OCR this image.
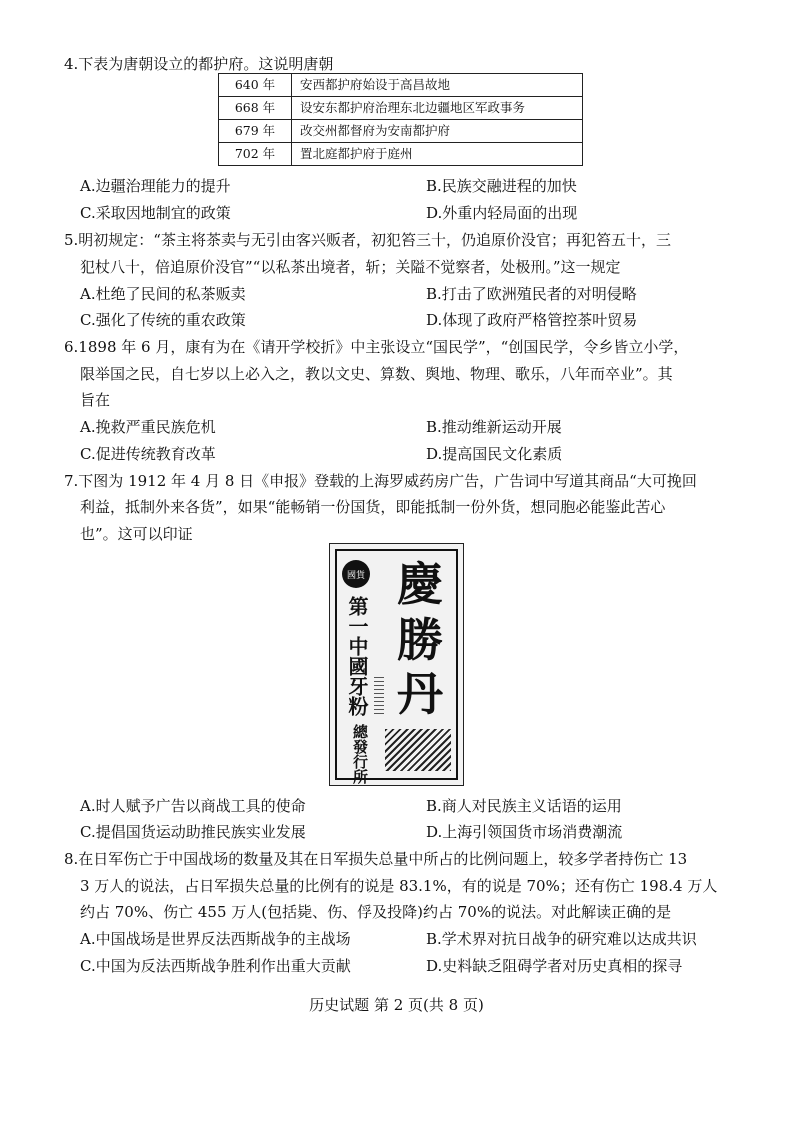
4.下表为唐朝设立的都护府。这说明唐朝
640 年	安西都护府始设于高昌故地
668 年	设安东都护府治理东北边疆地区军政事务
679 年	改交州都督府为安南都护府
702 年	置北庭都护府于庭州
A.边疆治理能力的提升	B.民族交融进程的加快
C.采取因地制宜的政策	D.外重内轻局面的出现
5.明初规定：“茶主将茶卖与无引由客兴贩者，初犯笞三十，仍追原价没官；再犯笞五十，三
犯杖八十，倍追原价没官”“以私茶出境者，斩；关隘不觉察者，处极刑。”这一规定
A.杜绝了民间的私茶贩卖	B.打击了欧洲殖民者的对明侵略
C.强化了传统的重农政策	D.体现了政府严格管控茶叶贸易
6.1898 年 6 月，康有为在《请开学校折》中主张设立“国民学”，“创国民学，令乡皆立小学，
限举国之民，自七岁以上必入之，教以文史、算数、舆地、物理、歌乐，八年而卒业”。其
旨在
A.挽救严重民族危机	B.推动维新运动开展
C.促进传统教育改革	D.提高国民文化素质
7.下图为 1912 年 4 月 8 日《申报》登载的上海罗威药房广告，广告词中写道其商品“大可挽回
利益，抵制外来各货”，如果“能畅销一份国货，即能抵制一份外货，想同胞必能鉴此苦心
也”。这可以印证
國貨
第一中國牙粉
總發行所
慶
勝
丹
A.时人赋予广告以商战工具的使命	B.商人对民族主义话语的运用
C.提倡国货运动助推民族实业发展	D.上海引领国货市场消费潮流
8.在日军伤亡于中国战场的数量及其在日军损失总量中所占的比例问题上，较多学者持伤亡 13
3 万人的说法，占日军损失总量的比例有的说是 83.1%，有的说是 70%；还有伤亡 198.4 万人
约占 70%、伤亡 455 万人(包括毙、伤、俘及投降)约占 70%的说法。对此解读正确的是
A.中国战场是世界反法西斯战争的主战场	B.学术界对抗日战争的研究难以达成共识
C.中国为反法西斯战争胜利作出重大贡献	D.史料缺乏阻碍学者对历史真相的探寻
历史试题 第 2 页(共 8 页)
